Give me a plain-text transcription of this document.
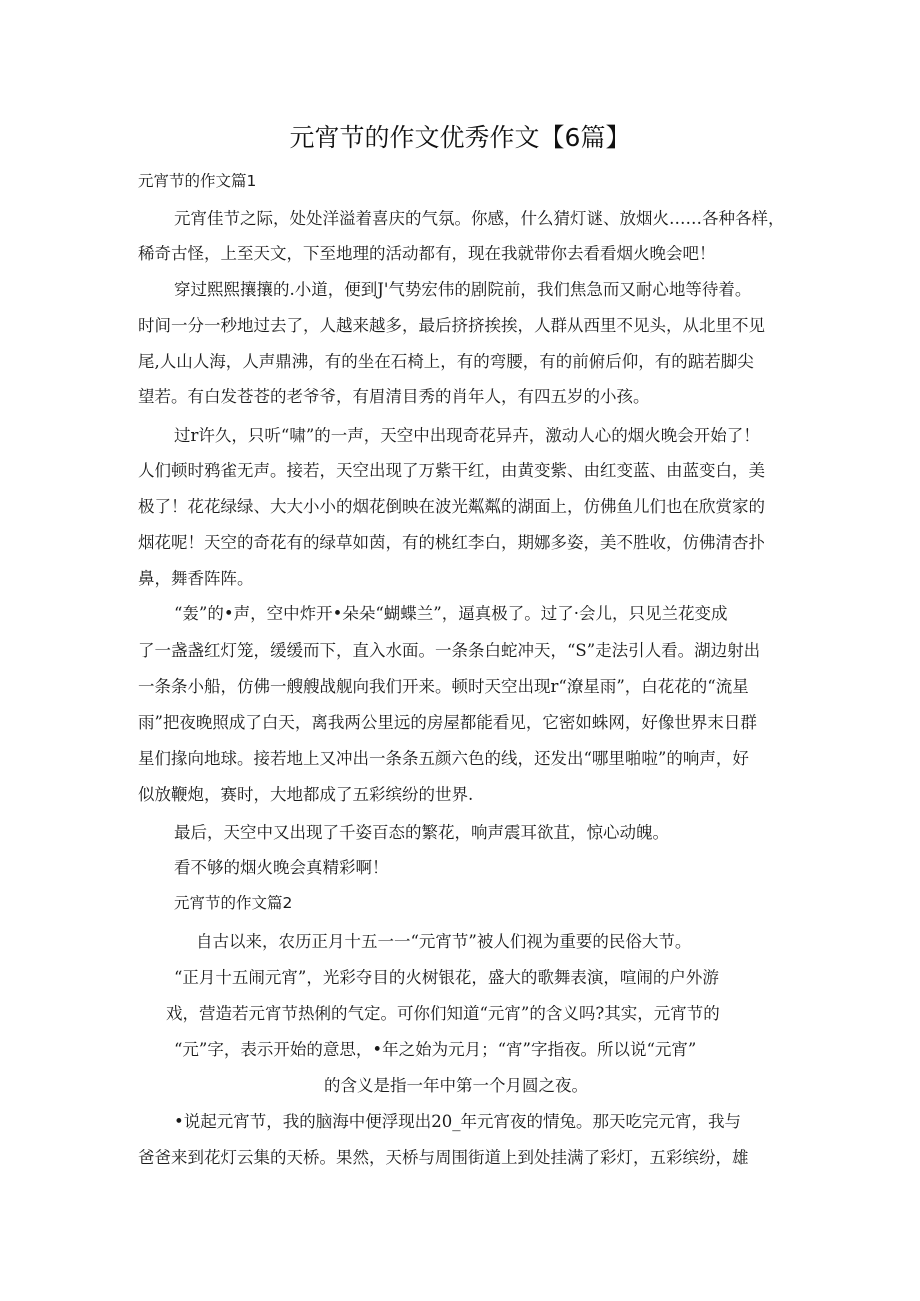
元宵节的作文优秀作文【6篇】
元宵节的作文篇1
元宵佳节之际，处处洋溢着喜庆的气氛。你感，什么猜灯谜、放烟火……各种各样，
稀奇古怪，上至天文，下至地理的活动都有，现在我就带你去看看烟火晚会吧！
穿过熙熙攘攘的.小道，便到J'气势宏伟的剧院前，我们焦急而又耐心地等待着。
时间一分一秒地过去了，人越来越多，最后挤挤挨挨，人群从西里不见头，从北里不见
尾,人山人海，人声鼎沸，有的坐在石椅上，有的弯腰，有的前俯后仰，有的踮若脚尖
望若。有白发苍苍的老爷爷，有眉清目秀的肖年人，有四五岁的小孩。
过r许久，只听“啸”的一声，天空中出现奇花异卉，激动人心的烟火晚会开始了！
人们顿时鸦雀无声。接若，天空出现了万紫干红，由黄变紫、由红变蓝、由蓝变白，美
极了！花花绿绿、大大小小的烟花倒映在波光粼粼的湖面上，仿佛鱼儿们也在欣赏家的
烟花呢！天空的奇花有的绿草如茵，有的桃红李白，期娜多姿，美不胜收，仿佛清杏扑
鼻，舞香阵阵。
“轰”的•声，空中炸开•朵朵“蝴蝶兰”，逼真极了。过了·会儿，只见兰花变成
了一盏盏红灯笼，缓缓而下，直入水面。一条条白蛇冲天，“S”走法引人看。湖边射出
一条条小船，仿佛一艘艘战舰向我们开来。顿时天空出现r“潦星雨”，白花花的“流星
雨”把夜晚照成了白天，离我两公里远的房屋都能看见，它密如蛛网，好像世界末日群
星们掾向地球。接若地上又冲出一条条五颜六色的线，还发出“哪里啪啦”的响声，好
似放鞭炮，赛时，大地都成了五彩缤纷的世界.
最后，天空中又出现了千姿百态的繁花，响声震耳欲苴，惊心动魄。
看不够的烟火晚会真精彩啊！
元宵节的作文篇2
自古以来，农历正月十五一一“元宵节”被人们视为重要的民俗大节。
“正月十五闹元宵”，光彩夺目的火树银花，盛大的歌舞表演，喧闹的户外游
戏，营造若元宵节热俐的气定。可你们知道“元宵”的含义吗?其实，元宵节的
“元”字，表示开始的意思，•年之始为元月；“宵”字指夜。所以说“元宵”
的含义是指一年中第一个月圆之夜。
•说起元宵节，我的脑海中便浮现出20_年元宵夜的情兔。那天吃完元宵，我与
爸爸来到花灯云集的天桥。果然，天桥与周围街道上到处挂满了彩灯，五彩缤纷，雄
